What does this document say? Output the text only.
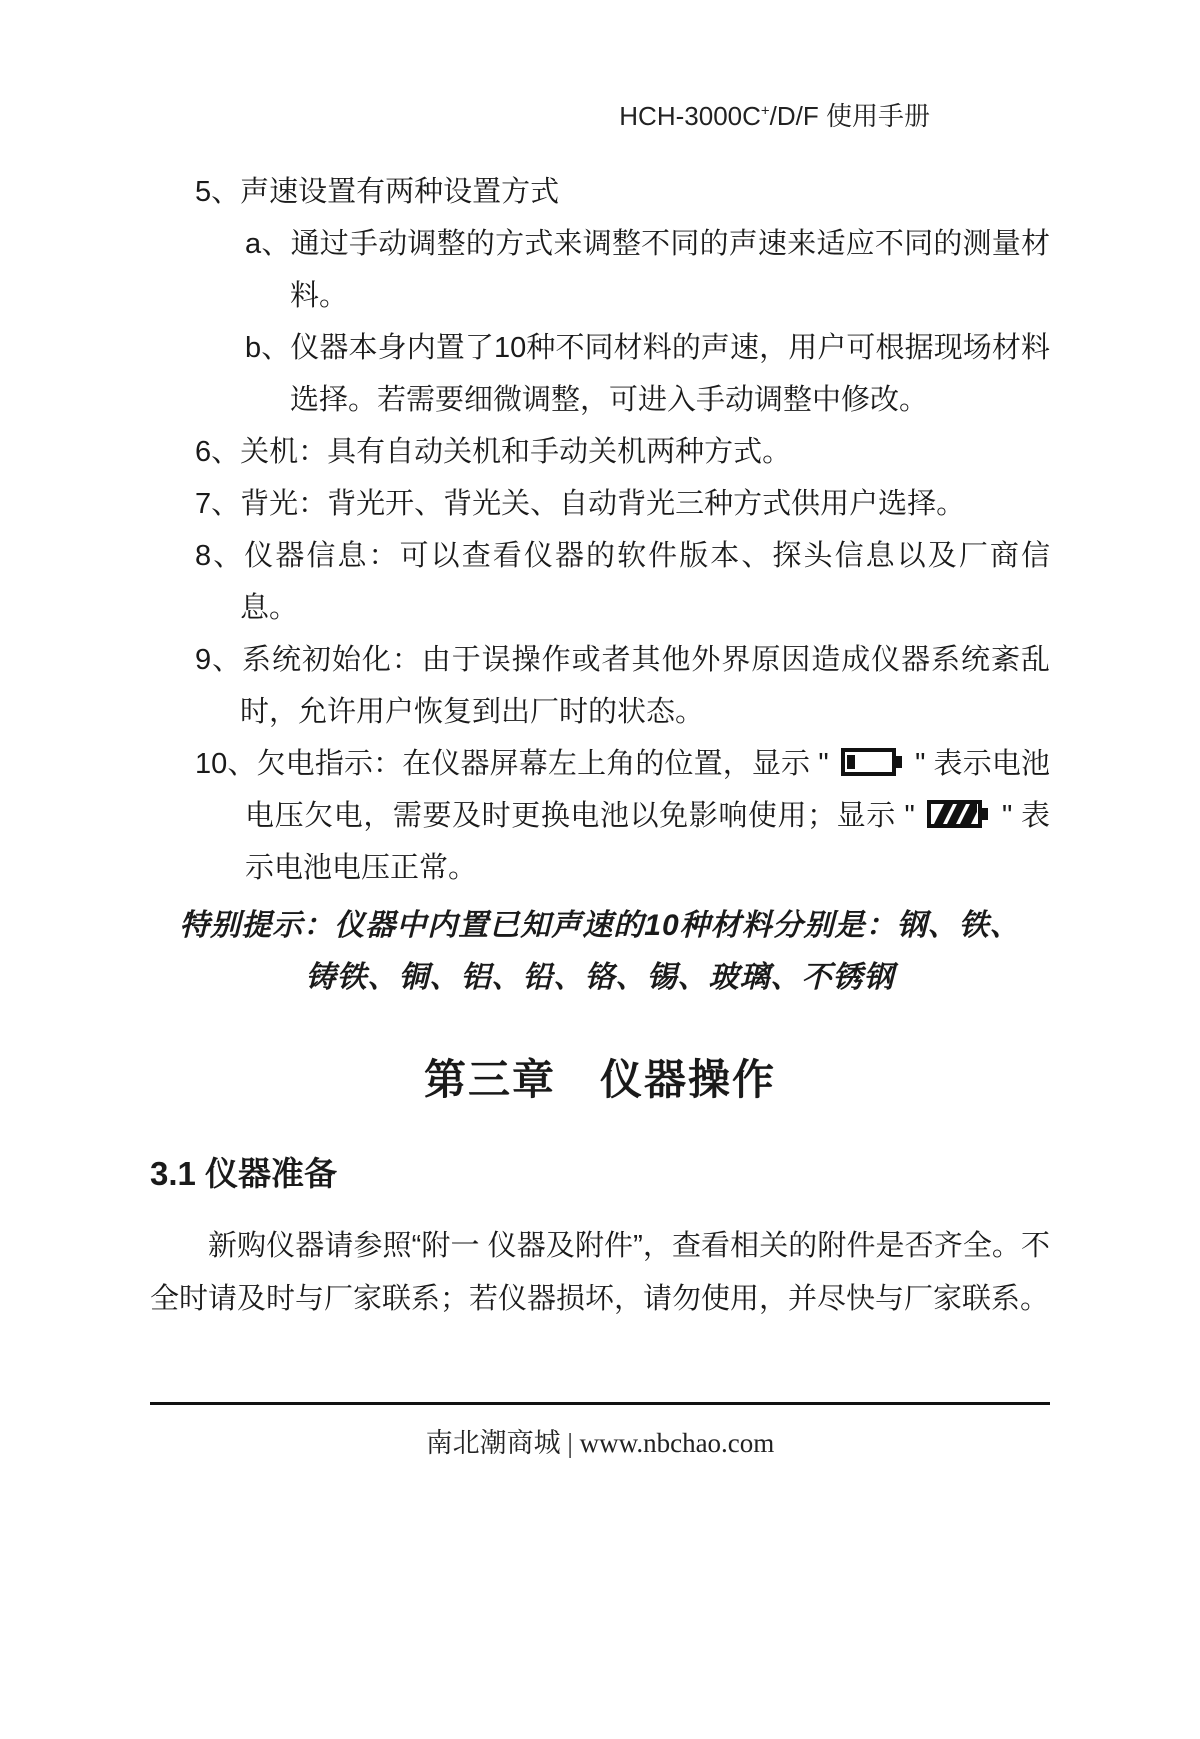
HCH-3000C+/D/F 使用手册
5、声速设置有两种设置方式
a、通过手动调整的方式来调整不同的声速来适应不同的测量材料。
b、仪器本身内置了10种不同材料的声速，用户可根据现场材料选择。若需要细微调整，可进入手动调整中修改。
6、关机：具有自动关机和手动关机两种方式。
7、背光：背光开、背光关、自动背光三种方式供用户选择。
8、仪器信息：可以查看仪器的软件版本、探头信息以及厂商信息。
9、系统初始化：由于误操作或者其他外界原因造成仪器系统紊乱时，允许用户恢复到出厂时的状态。
10、欠电指示：在仪器屏幕左上角的位置，显示 "  " 表示电池电压欠电，需要及时更换电池以免影响使用；显示 "  " 表示电池电压正常。
特别提示：仪器中内置已知声速的10种材料分别是：钢、铁、
铸铁、铜、铝、铅、铬、锡、玻璃、不锈钢
第三章　仪器操作
3.1 仪器准备
新购仪器请参照“附一 仪器及附件”，查看相关的附件是否齐全。不全时请及时与厂家联系；若仪器损坏，请勿使用，并尽快与厂家联系。
南北潮商城 | www.nbchao.com
